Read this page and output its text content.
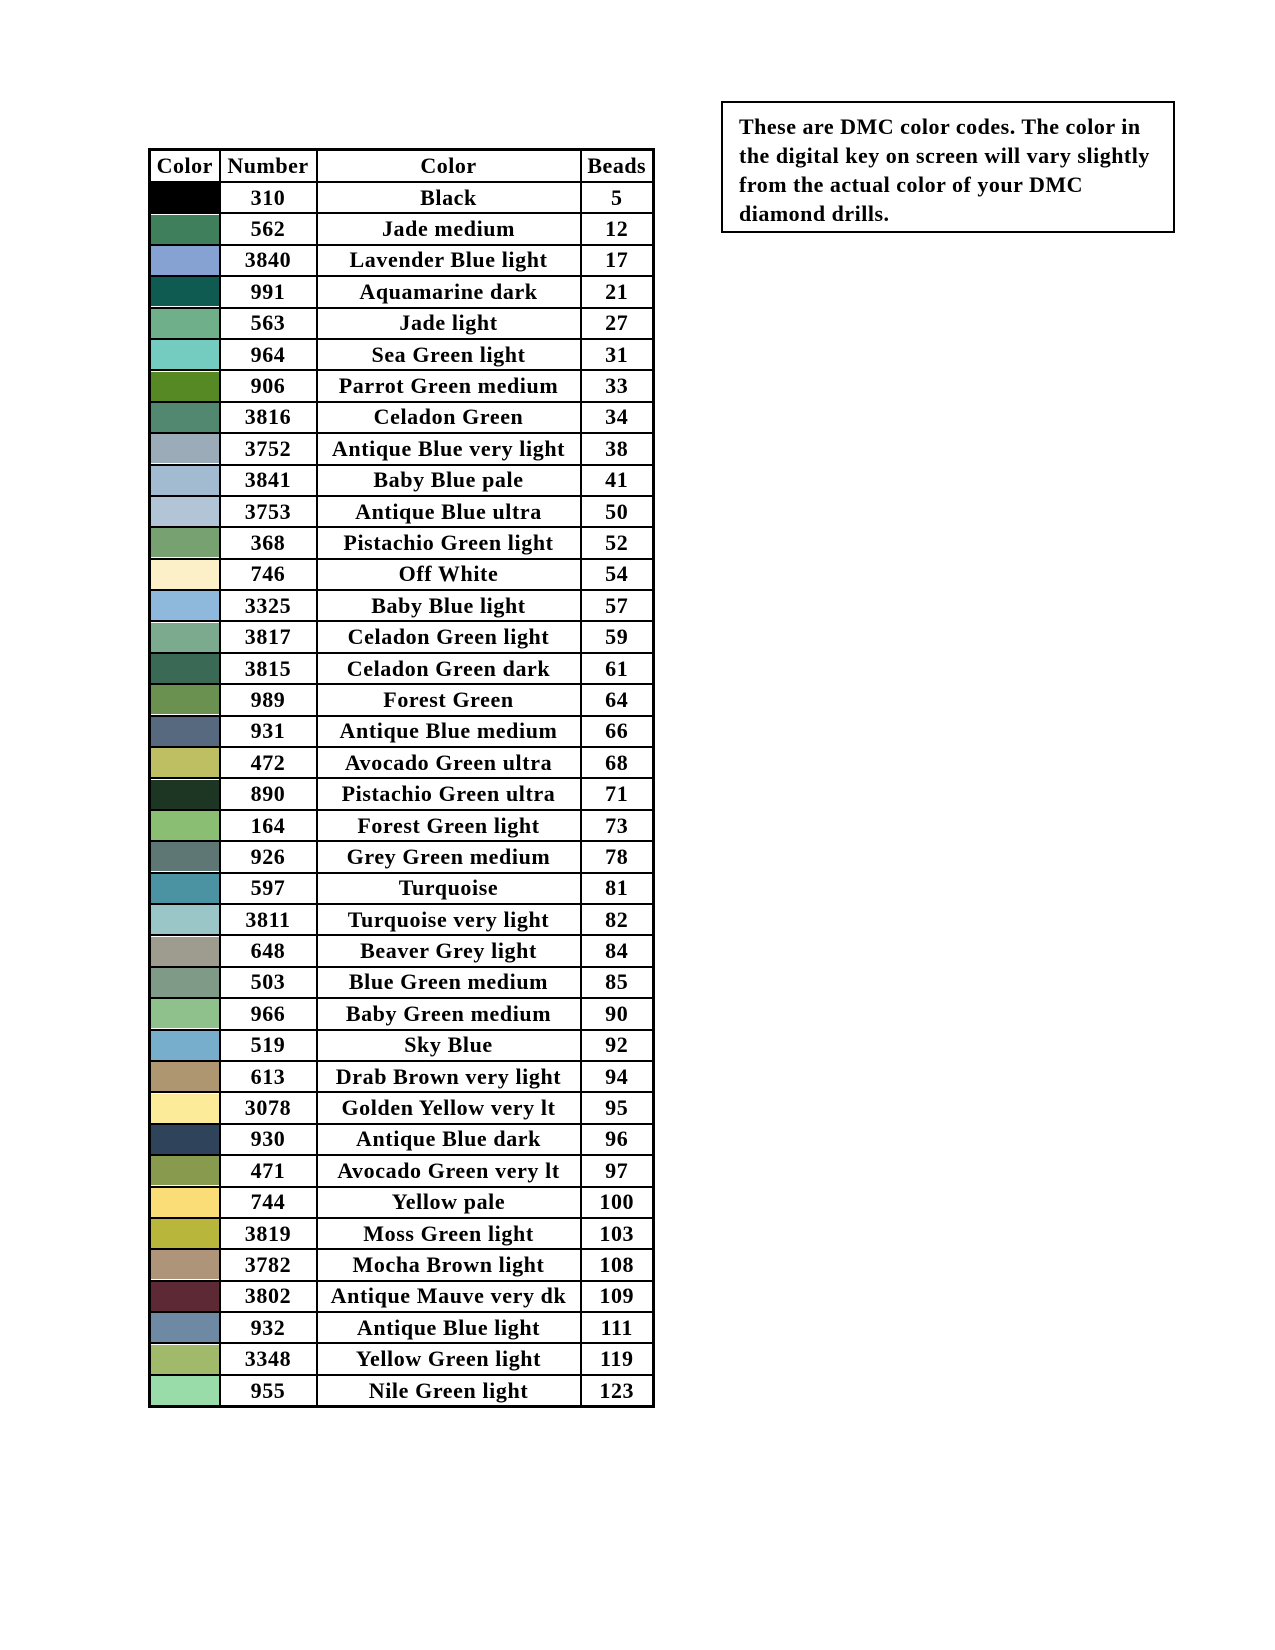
Color	Number	Color	Beads

	310	Black	5

	562	Jade medium	12

	3840	Lavender Blue light	17

	991	Aquamarine dark	21

	563	Jade light	27

	964	Sea Green light	31

	906	Parrot Green medium	33

	3816	Celadon Green	34

	3752	Antique Blue very light	38

	3841	Baby Blue pale	41

	3753	Antique Blue ultra	50

	368	Pistachio Green light	52

	746	Off White	54

	3325	Baby Blue light	57

	3817	Celadon Green light	59

	3815	Celadon Green dark	61

	989	Forest Green	64

	931	Antique Blue medium	66

	472	Avocado Green ultra	68

	890	Pistachio Green ultra	71

	164	Forest Green light	73

	926	Grey Green medium	78

	597	Turquoise	81

	3811	Turquoise very light	82

	648	Beaver Grey light	84

	503	Blue Green medium	85

	966	Baby Green medium	90

	519	Sky Blue	92

	613	Drab Brown very light	94

	3078	Golden Yellow very lt	95

	930	Antique Blue dark	96

	471	Avocado Green very lt	97

	744	Yellow pale	100

	3819	Moss Green light	103

	3782	Mocha Brown light	108

	3802	Antique Mauve very dk	109

	932	Antique Blue light	111

	3348	Yellow Green light	119

	955	Nile Green light	123
These are DMC color codes. The color in the digital key on screen will vary slightly from the actual color of your DMC diamond drills.
